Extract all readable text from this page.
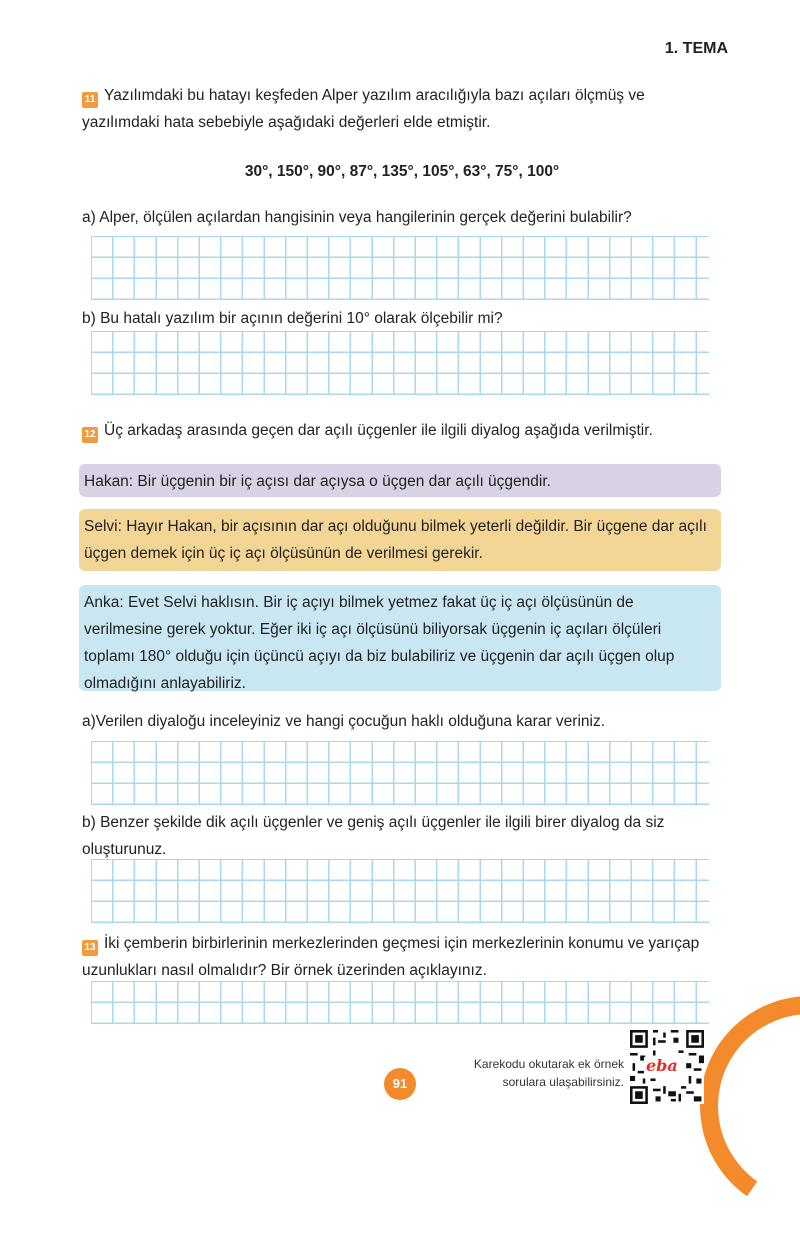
1. TEMA
11 Yazılımdaki bu hatayı keşfeden Alper yazılım aracılığıyla bazı açıları ölçmüş ve yazılımdaki hata sebebiyle aşağıdaki değerleri elde etmiştir.
30°, 150°, 90°, 87°, 135°, 105°, 63°, 75°, 100°
a) Alper, ölçülen açılardan hangisinin veya hangilerinin gerçek değerini bulabilir?
b) Bu hatalı yazılım bir açının değerini 10° olarak ölçebilir mi?
12 Üç arkadaş arasında geçen dar açılı üçgenler ile ilgili diyalog aşağıda verilmiştir.
Hakan: Bir üçgenin bir iç açısı dar açıysa o üçgen dar açılı üçgendir.
Selvi: Hayır Hakan, bir açısının dar açı olduğunu bilmek yeterli değildir. Bir üçgene dar açılı üçgen demek için üç iç açı ölçüsünün de verilmesi gerekir.
Anka: Evet Selvi haklısın. Bir iç açıyı bilmek yetmez fakat üç iç açı ölçüsünün de verilmesine gerek yoktur. Eğer iki iç açı ölçüsünü biliyorsak üçgenin iç açıları ölçüleri toplamı 180° olduğu için üçüncü açıyı da biz bulabiliriz ve üçgenin dar açılı üçgen olup olmadığını anlayabiliriz.
a)Verilen diyaloğu inceleyiniz ve hangi çocuğun haklı olduğuna karar veriniz.
b) Benzer şekilde dik açılı üçgenler ve geniş açılı üçgenler ile ilgili birer diyalog da siz oluşturunuz.
13 İki çemberin birbirlerinin merkezlerinden geçmesi için merkezlerinin konumu ve yarıçap uzunlukları nasıl olmalıdır? Bir örnek üzerinden açıklayınız.
91
Karekodu okutarak ek örnek
sorulara ulaşabilirsiniz.
eba
